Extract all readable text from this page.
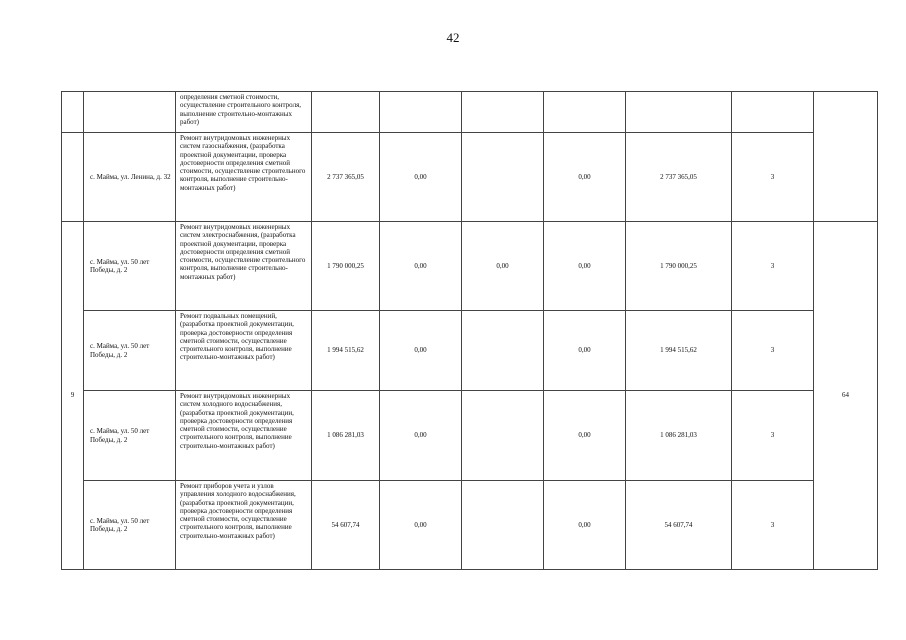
42
		определения сметной стоимости, осуществление строительного контроля, выполнение строительно-монтажных работ)							
	с. Майма, ул. Ленина, д. 32	Ремонт внутридомовых инженерных систем газоснабжения, (разработка проектной документации, проверка достоверности определения сметной стоимости, осуществление строительного контроля, выполнение строительно-монтажных работ)	2 737 365,05	0,00		0,00	2 737 365,05	3	
9	с. Майма, ул. 50 лет Победы, д. 2	Ремонт внутридомовых инженерных систем электроснабжения, (разработка проектной документации, проверка достоверности определения сметной стоимости, осуществление строительного контроля, выполнение строительно-монтажных работ)	1 790 000,25	0,00	0,00	0,00	1 790 000,25	3	64
	с. Майма, ул. 50 лет Победы, д. 2	Ремонт подвальных помещений, (разработка проектной документации, проверка достоверности определения сметной стоимости, осуществление строительного контроля, выполнение строительно-монтажных работ)	1 994 515,62	0,00		0,00	1 994 515,62	3	
	с. Майма, ул. 50 лет Победы, д. 2	Ремонт внутридомовых инженерных систем холодного водоснабжения, (разработка проектной документации, проверка достоверности определения сметной стоимости, осуществление строительного контроля, выполнение строительно-монтажных работ)	1 086 281,03	0,00		0,00	1 086 281,03	3	
	с. Майма, ул. 50 лет Победы, д. 2	Ремонт приборов учета и узлов управления холодного водоснабжения, (разработка проектной документации, проверка достоверности определения сметной стоимости, осуществление строительного контроля, выполнение строительно-монтажных работ)	54 607,74	0,00		0,00	54 607,74	3	
